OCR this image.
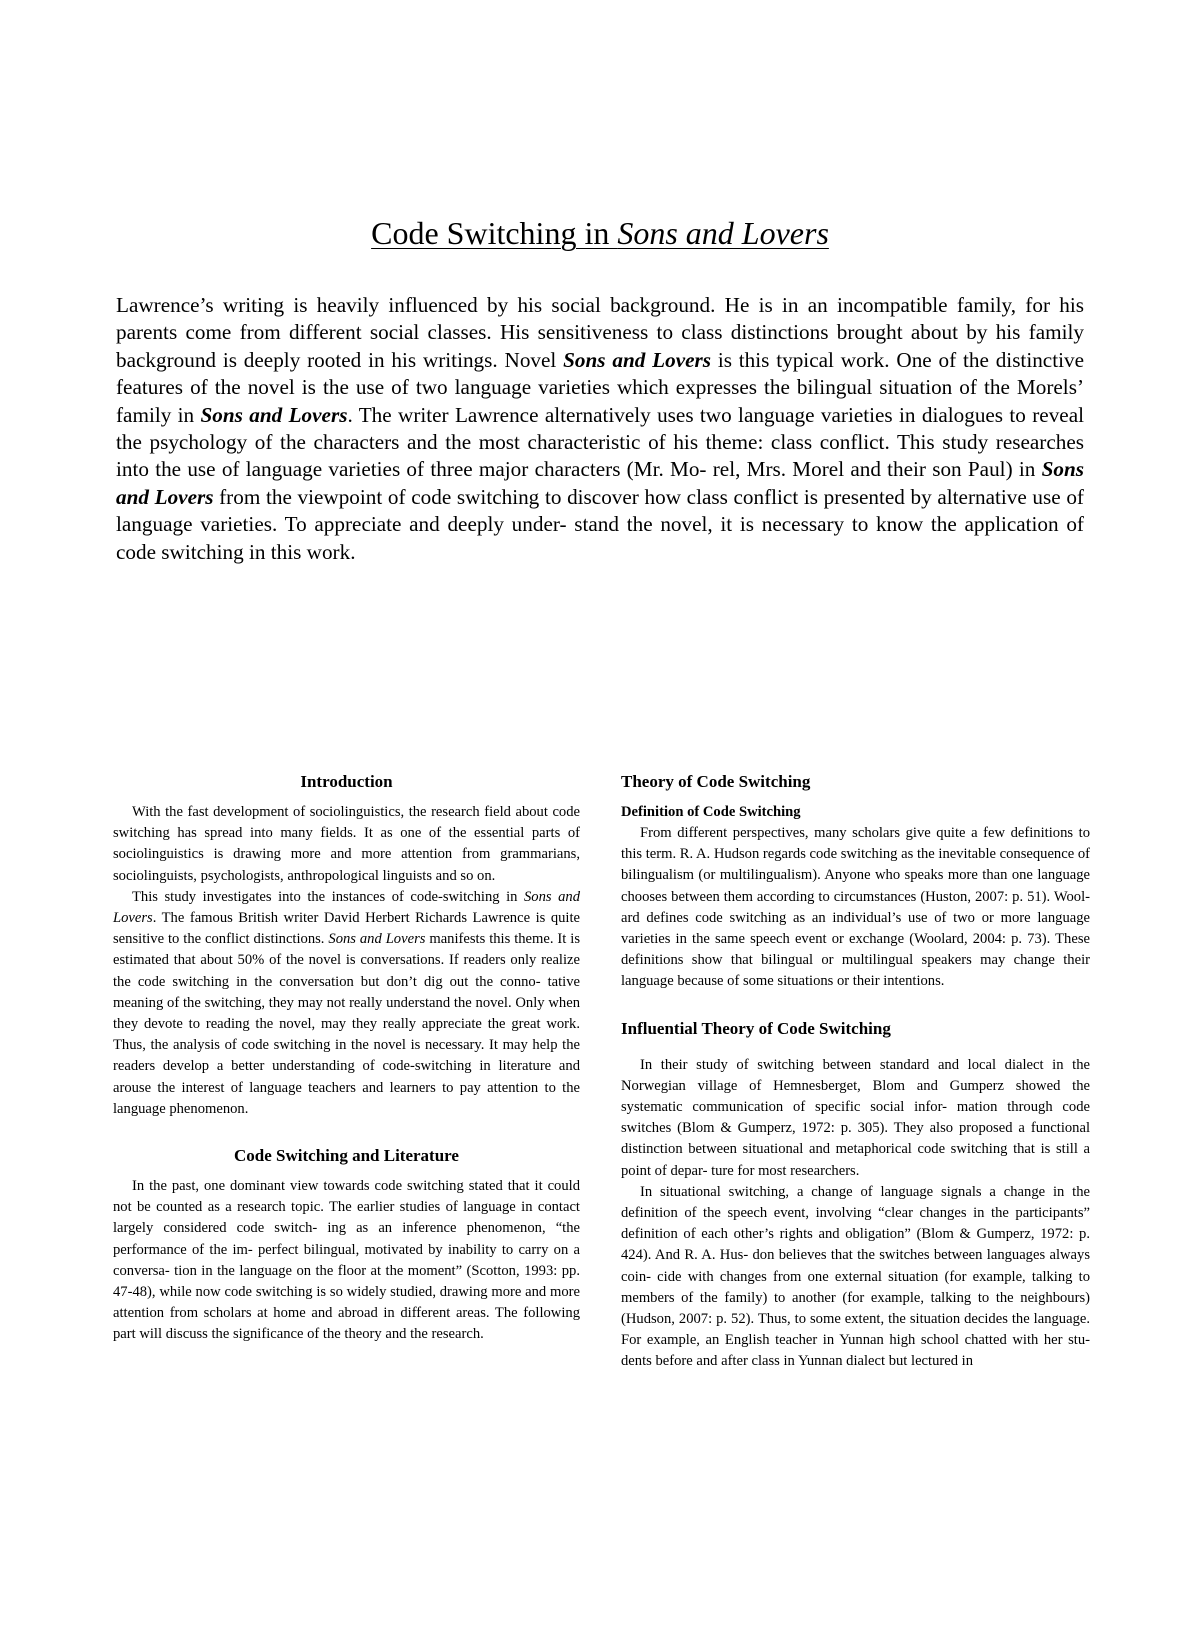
Code Switching in Sons and Lovers

Lawrence’s writing is heavily influenced by his social background. He is in an incompatible family, for his parents come from different social classes. His sensitiveness to class distinctions brought about by his family background is deeply rooted in his writings. Novel Sons and Lovers is this typical work. One of the distinctive features of the novel is the use of two language varieties which expresses the bilingual situation of the Morels’ family in Sons and Lovers. The writer Lawrence alternatively uses two language varieties in dialogues to reveal the psychology of the characters and the most characteristic of his theme: class conflict. This study researches into the use of language varieties of three major characters (Mr. Mo- rel, Mrs. Morel and their son Paul) in Sons and Lovers from the viewpoint of code switching to discover how class conflict is presented by alternative use of language varieties. To appreciate and deeply under- stand the novel, it is necessary to know the application of code switching in this work.

Introduction

With the fast development of sociolinguistics, the research field about code switching has spread into many fields. It as one of the essential parts of sociolinguistics is drawing more and more attention from grammarians, sociolinguists, psychologists, anthropological linguists and so on.

This study investigates into the instances of code-switching in Sons and Lovers. The famous British writer David Herbert Richards Lawrence is quite sensitive to the conflict distinctions. Sons and Lovers manifests this theme. It is estimated that about 50% of the novel is conversations. If readers only realize the code switching in the conversation but don’t dig out the conno- tative meaning of the switching, they may not really understand the novel. Only when they devote to reading the novel, may they really appreciate the great work. Thus, the analysis of code switching in the novel is necessary. It may help the readers develop a better understanding of code-switching in literature and arouse the interest of language teachers and learners to pay attention to the language phenomenon.

Code Switching and Literature

In the past, one dominant view towards code switching stated that it could not be counted as a research topic. The earlier studies of language in contact largely considered code switch- ing as an inference phenomenon, “the performance of the im- perfect bilingual, motivated by inability to carry on a conversa- tion in the language on the floor at the moment” (Scotton, 1993: pp. 47-48), while now code switching is so widely studied, drawing more and more attention from scholars at home and abroad in different areas. The following part will discuss the significance of the theory and the research.

Theory of Code Switching
Definition of Code Switching

From different perspectives, many scholars give quite a few definitions to this term. R. A. Hudson regards code switching as the inevitable consequence of bilingualism (or multilingualism). Anyone who speaks more than one language chooses between them according to circumstances (Huston, 2007: p. 51). Wool- ard defines code switching as an individual’s use of two or more language varieties in the same speech event or exchange (Woolard, 2004: p. 73). These definitions show that bilingual or multilingual speakers may change their language because of some situations or their intentions.

Influential Theory of Code Switching

In their study of switching between standard and local dialect in the Norwegian village of Hemnesberget, Blom and Gumperz showed the systematic communication of specific social infor- mation through code switches (Blom & Gumperz, 1972: p. 305). They also proposed a functional distinction between situational and metaphorical code switching that is still a point of depar- ture for most researchers.

In situational switching, a change of language signals a change in the definition of the speech event, involving “clear changes in the participants” definition of each other’s rights and obligation” (Blom & Gumperz, 1972: p. 424). And R. A. Hus- don believes that the switches between languages always coin- cide with changes from one external situation (for example, talking to members of the family) to another (for example, talking to the neighbours) (Hudson, 2007: p. 52). Thus, to some extent, the situation decides the language. For example, an English teacher in Yunnan high school chatted with her stu- dents before and after class in Yunnan dialect but lectured in
